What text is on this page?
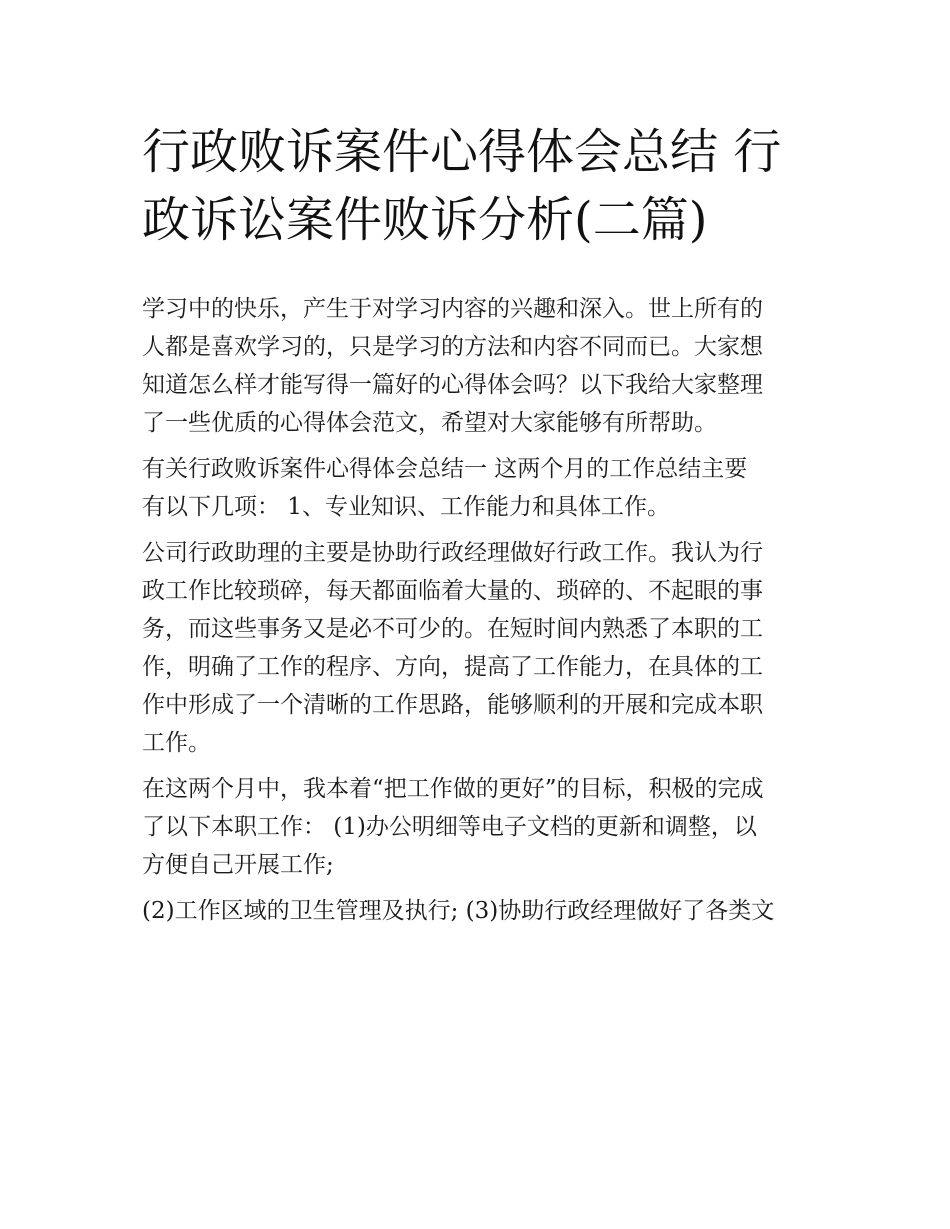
行政败诉案件心得体会总结 行
政诉讼案件败诉分析(二篇)
学习中的快乐，产生于对学习内容的兴趣和深入。世上所有的
人都是喜欢学习的，只是学习的方法和内容不同而已。大家想
知道怎么样才能写得一篇好的心得体会吗？以下我给大家整理
了一些优质的心得体会范文，希望对大家能够有所帮助。
有关行政败诉案件心得体会总结一 这两个月的工作总结主要
有以下几项： 1、专业知识、工作能力和具体工作。
公司行政助理的主要是协助行政经理做好行政工作。我认为行
政工作比较琐碎，每天都面临着大量的、琐碎的、不起眼的事
务，而这些事务又是必不可少的。在短时间内熟悉了本职的工
作，明确了工作的程序、方向，提高了工作能力，在具体的工
作中形成了一个清晰的工作思路，能够顺利的开展和完成本职
工作。
在这两个月中，我本着“把工作做的更好”的目标，积极的完成
了以下本职工作： (1)办公明细等电子文档的更新和调整，以
方便自己开展工作;
(2)工作区域的卫生管理及执行; (3)协助行政经理做好了各类文
